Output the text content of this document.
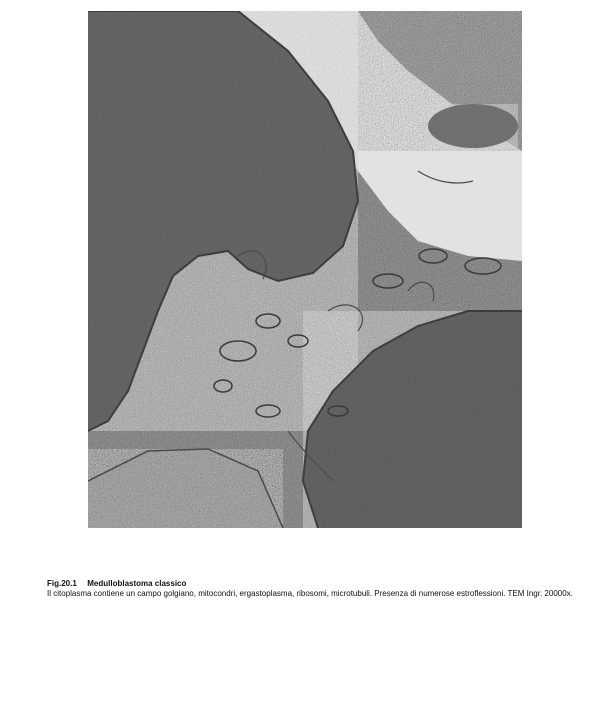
Fig.20.1 Medulloblastoma classico
Il citoplasma contiene un campo golgiano, mitocondri, ergastoplasma, ribosomi, microtubuli. Presenza di numerose estroflessioni. TEM Ingr. 20000x.
